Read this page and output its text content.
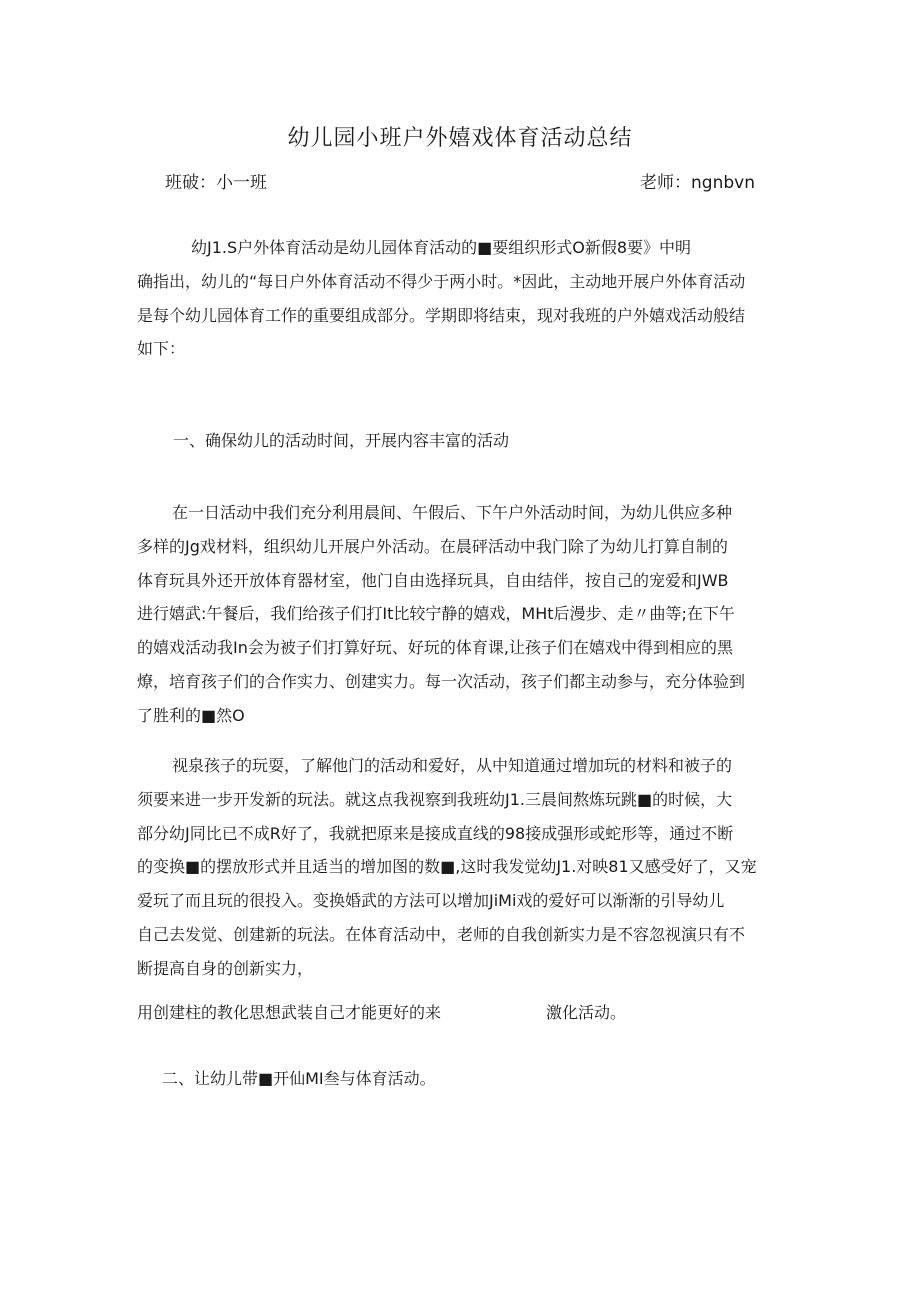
幼儿园小班户外嬉戏体育活动总结
班破：小一班	老师：ngnbvn
幼J1.S户外体育活动是幼儿园体育活动的■要组织形式O新假8要》中明
确指出，幼儿的“每日户外体育活动不得少于两小时。*因此，主动地开展户外体育活动
是每个幼儿园体育工作的重要组成部分。学期即将结束，现对我班的户外嬉戏活动般结
如下：
一、确保幼儿的活动时间，开展内容丰富的活动
在一日活动中我们充分利用晨间、午假后、下午户外活动时间，为幼儿供应多种
多样的Jg戏材料，组织幼儿开展户外活动。在晨砰活动中我门除了为幼儿打算自制的
体育玩具外还开放体育器材室，他门自由选择玩具，自由结伴，按自己的宠爱和JWB
进行嬉武:午餐后，我们给孩子们打It比较宁静的嬉戏，MHt后漫步、走〃曲等;在下午
的嬉戏活动我In会为被子们打算好玩、好玩的体育课,让孩子们在嬉戏中得到相应的黑
燎，培育孩子们的合作实力、创建实力。每一次活动，孩子们都主动参与，充分体验到
了胜利的■然O
视泉孩子的玩耍，了解他门的活动和爱好，从中知道通过增加玩的材料和被子的
须要来进一步开发新的玩法。就这点我视察到我班幼J1.三晨间熬炼玩跳■的时候，大
部分幼J同比已不成R好了，我就把原来是接成直线的98接成强形或蛇形等，通过不断
的变换■的摆放形式并且适当的增加图的数■,这时我发觉幼J1.对映81又感受好了，又宠
爱玩了而且玩的很投入。变换婚武的方法可以增加JiMi戏的爱好可以渐渐的引导幼儿
自己去发觉、创建新的玩法。在体育活动中，老师的自我创新实力是不容忽视演只有不
断提高自身的创新实力，
用创建柱的教化思想武装自己才能更好的来	激化活动。
二、让幼儿带■开仙MI叁与体育活动。
